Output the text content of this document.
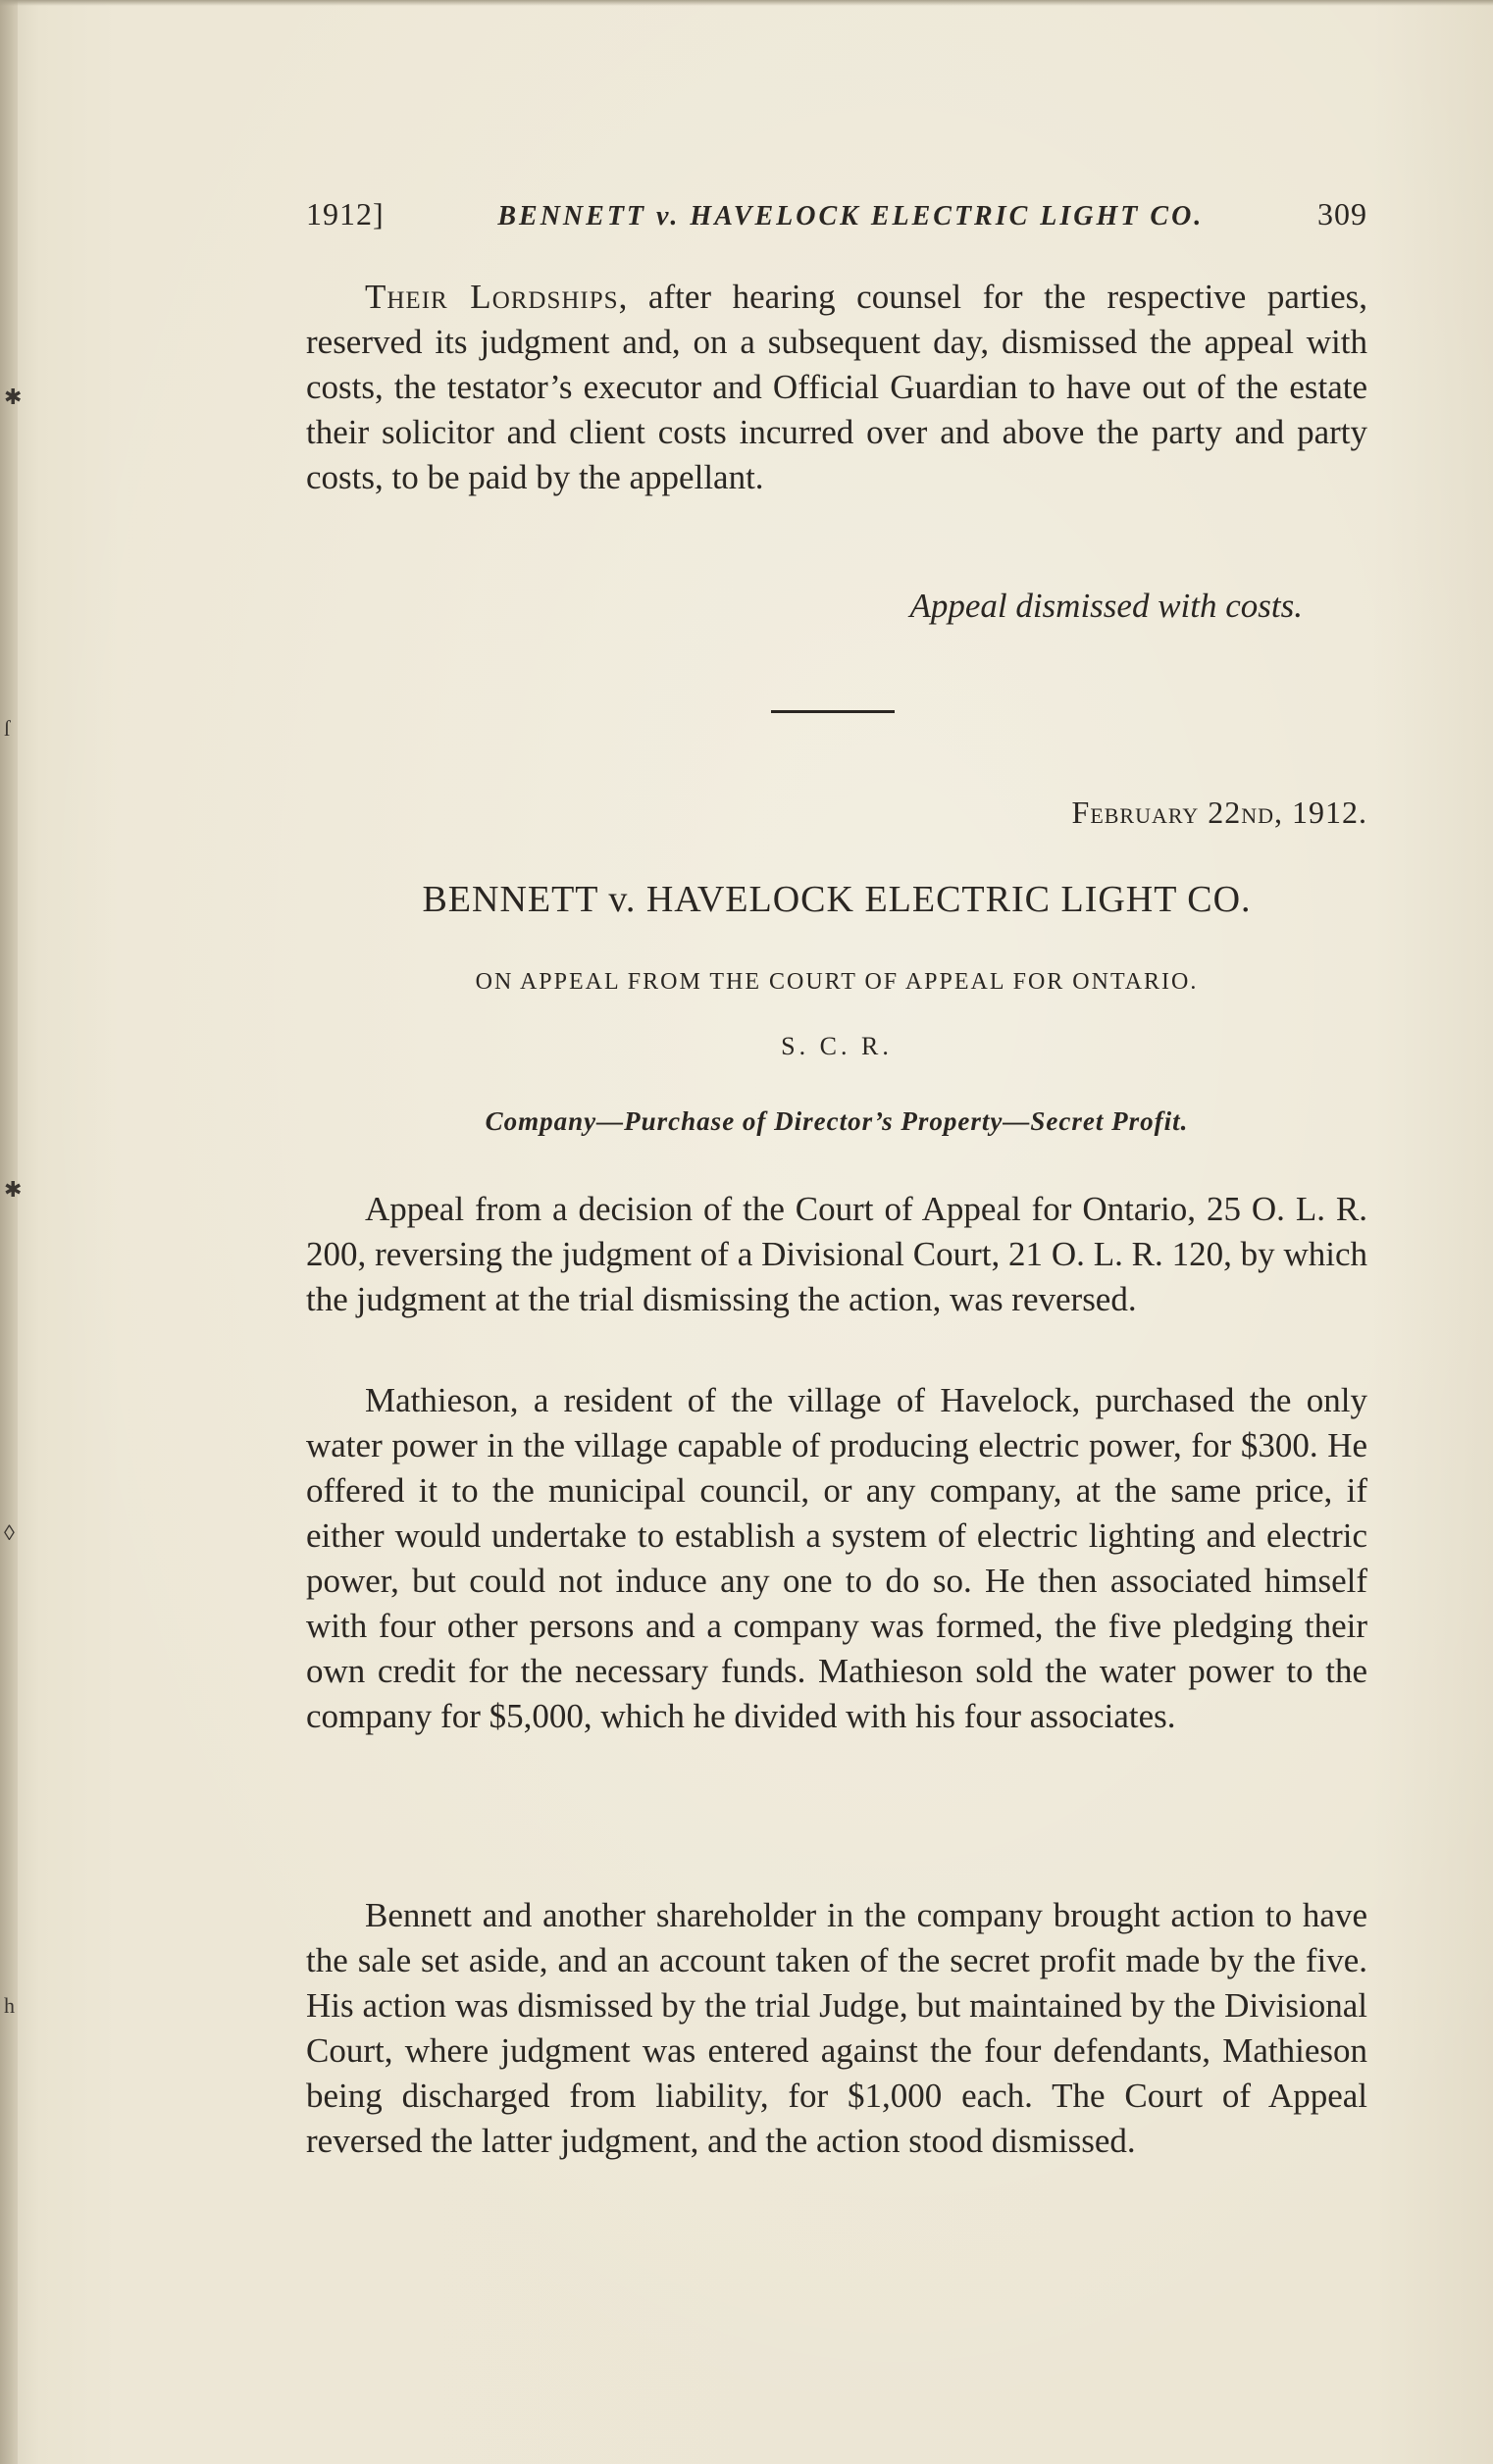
✱
ſ
✱
◊
h
1912]	BENNETT v. HAVELOCK ELECTRIC LIGHT CO.	309

Their Lordships, after hearing counsel for the respective parties, reserved its judgment and, on a subsequent day, dismissed the appeal with costs, the testator’s executor and Official Guardian to have out of the estate their solicitor and client costs incurred over and above the party and party costs, to be paid by the appellant.

Appeal dismissed with costs.
February 22nd, 1912.
BENNETT v. HAVELOCK ELECTRIC LIGHT CO.
ON APPEAL FROM THE COURT OF APPEAL FOR ONTARIO.
S. C. R.
Company—Purchase of Director’s Property—Secret Profit.

Appeal from a decision of the Court of Appeal for Ontario, 25 O. L. R. 200, reversing the judgment of a Divisional Court, 21 O. L. R. 120, by which the judgment at the trial dismissing the action, was reversed.

Mathieson, a resident of the village of Havelock, purchased the only water power in the village capable of producing electric power, for $300. He offered it to the municipal council, or any company, at the same price, if either would undertake to establish a system of electric lighting and electric power, but could not induce any one to do so. He then associated himself with four other persons and a company was formed, the five pledging their own credit for the necessary funds. Mathieson sold the water power to the company for $5,000, which he divided with his four associates.

Bennett and another shareholder in the company brought action to have the sale set aside, and an account taken of the secret profit made by the five. His action was dismissed by the trial Judge, but maintained by the Divisional Court, where judgment was entered against the four defendants, Mathieson being discharged from liability, for $1,000 each. The Court of Appeal reversed the latter judgment, and the action stood dismissed.
